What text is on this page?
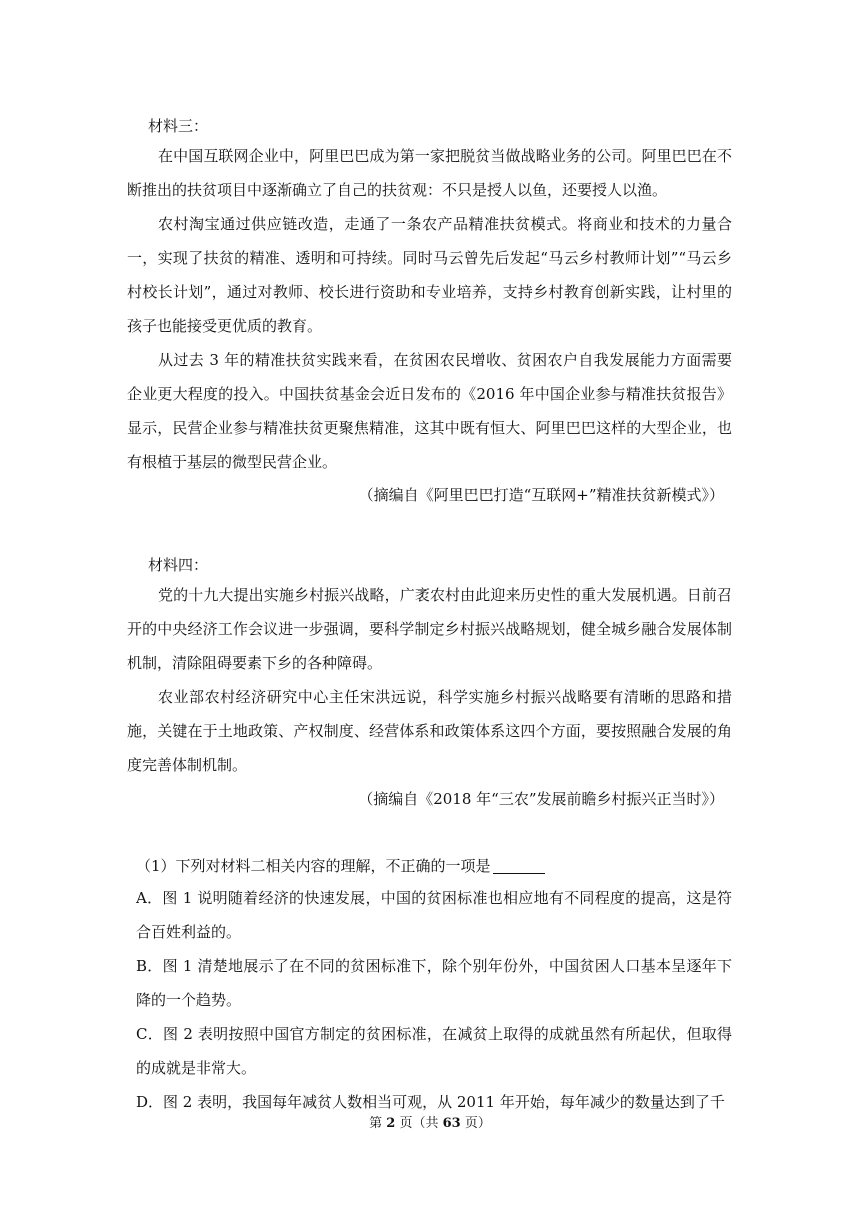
材料三：

在中国互联网企业中，阿里巴巴成为第一家把脱贫当做战略业务的公司。阿里巴巴在不断推出的扶贫项目中逐渐确立了自己的扶贫观：不只是授人以鱼，还要授人以渔。

农村淘宝通过供应链改造，走通了一条农产品精准扶贫模式。将商业和技术的力量合一，实现了扶贫的精准、透明和可持续。同时马云曾先后发起“马云乡村教师计划”“马云乡村校长计划”，通过对教师、校长进行资助和专业培养，支持乡村教育创新实践，让村里的孩子也能接受更优质的教育。

从过去 3 年的精准扶贫实践来看，在贫困农民增收、贫困农户自我发展能力方面需要企业更大程度的投入。中国扶贫基金会近日发布的《2016 年中国企业参与精准扶贫报告》显示，民营企业参与精准扶贫更聚焦精准，这其中既有恒大、阿里巴巴这样的大型企业，也有根植于基层的微型民营企业。

（摘编自《阿里巴巴打造“互联网+”精准扶贫新模式》）
材料四：

党的十九大提出实施乡村振兴战略，广袤农村由此迎来历史性的重大发展机遇。日前召开的中央经济工作会议进一步强调，要科学制定乡村振兴战略规划，健全城乡融合发展体制机制，清除阻碍要素下乡的各种障碍。

农业部农村经济研究中心主任宋洪远说，科学实施乡村振兴战略要有清晰的思路和措施，关键在于土地政策、产权制度、经营体系和政策体系这四个方面，要按照融合发展的角度完善体制机制。

（摘编自《2018 年“三农”发展前瞻乡村振兴正当时》）
（1）下列对材料二相关内容的理解，不正确的一项是

A．图 1 说明随着经济的快速发展，中国的贫困标准也相应地有不同程度的提高，这是符合百姓利益的。

B．图 1 清楚地展示了在不同的贫困标准下，除个别年份外，中国贫困人口基本呈逐年下降的一个趋势。

C．图 2 表明按照中国官方制定的贫困标准，在减贫上取得的成就虽然有所起伏，但取得的成就是非常大。

D．图 2 表明，我国每年减贫人数相当可观，从 2011 年开始，每年减少的数量达到了千

第 2 页（共 63 页）
